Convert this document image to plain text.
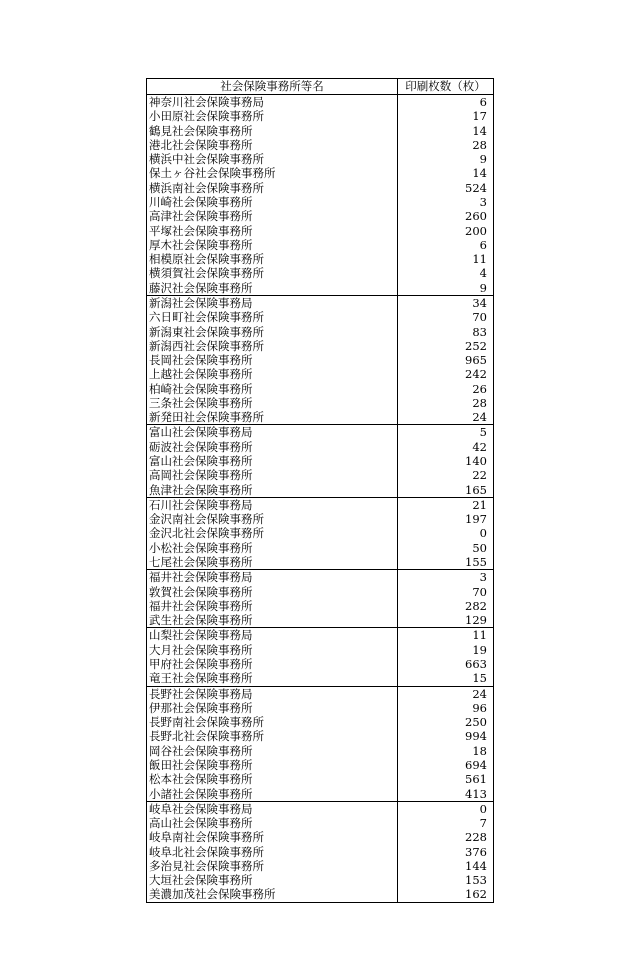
社会保険事務所等名	印刷枚数（枚）
神奈川社会保険事務局	6
小田原社会保険事務所	17
鶴見社会保険事務所	14
港北社会保険事務所	28
横浜中社会保険事務所	9
保土ヶ谷社会保険事務所	14
横浜南社会保険事務所	524
川崎社会保険事務所	3
高津社会保険事務所	260
平塚社会保険事務所	200
厚木社会保険事務所	6
相模原社会保険事務所	11
横須賀社会保険事務所	4
藤沢社会保険事務所	9
新潟社会保険事務局	34
六日町社会保険事務所	70
新潟東社会保険事務所	83
新潟西社会保険事務所	252
長岡社会保険事務所	965
上越社会保険事務所	242
柏崎社会保険事務所	26
三条社会保険事務所	28
新発田社会保険事務所	24
富山社会保険事務局	5
砺波社会保険事務所	42
富山社会保険事務所	140
高岡社会保険事務所	22
魚津社会保険事務所	165
石川社会保険事務局	21
金沢南社会保険事務所	197
金沢北社会保険事務所	0
小松社会保険事務所	50
七尾社会保険事務所	155
福井社会保険事務局	3
敦賀社会保険事務所	70
福井社会保険事務所	282
武生社会保険事務所	129
山梨社会保険事務局	11
大月社会保険事務所	19
甲府社会保険事務所	663
竜王社会保険事務所	15
長野社会保険事務局	24
伊那社会保険事務所	96
長野南社会保険事務所	250
長野北社会保険事務所	994
岡谷社会保険事務所	18
飯田社会保険事務所	694
松本社会保険事務所	561
小諸社会保険事務所	413
岐阜社会保険事務局	0
高山社会保険事務所	7
岐阜南社会保険事務所	228
岐阜北社会保険事務所	376
多治見社会保険事務所	144
大垣社会保険事務所	153
美濃加茂社会保険事務所	162
